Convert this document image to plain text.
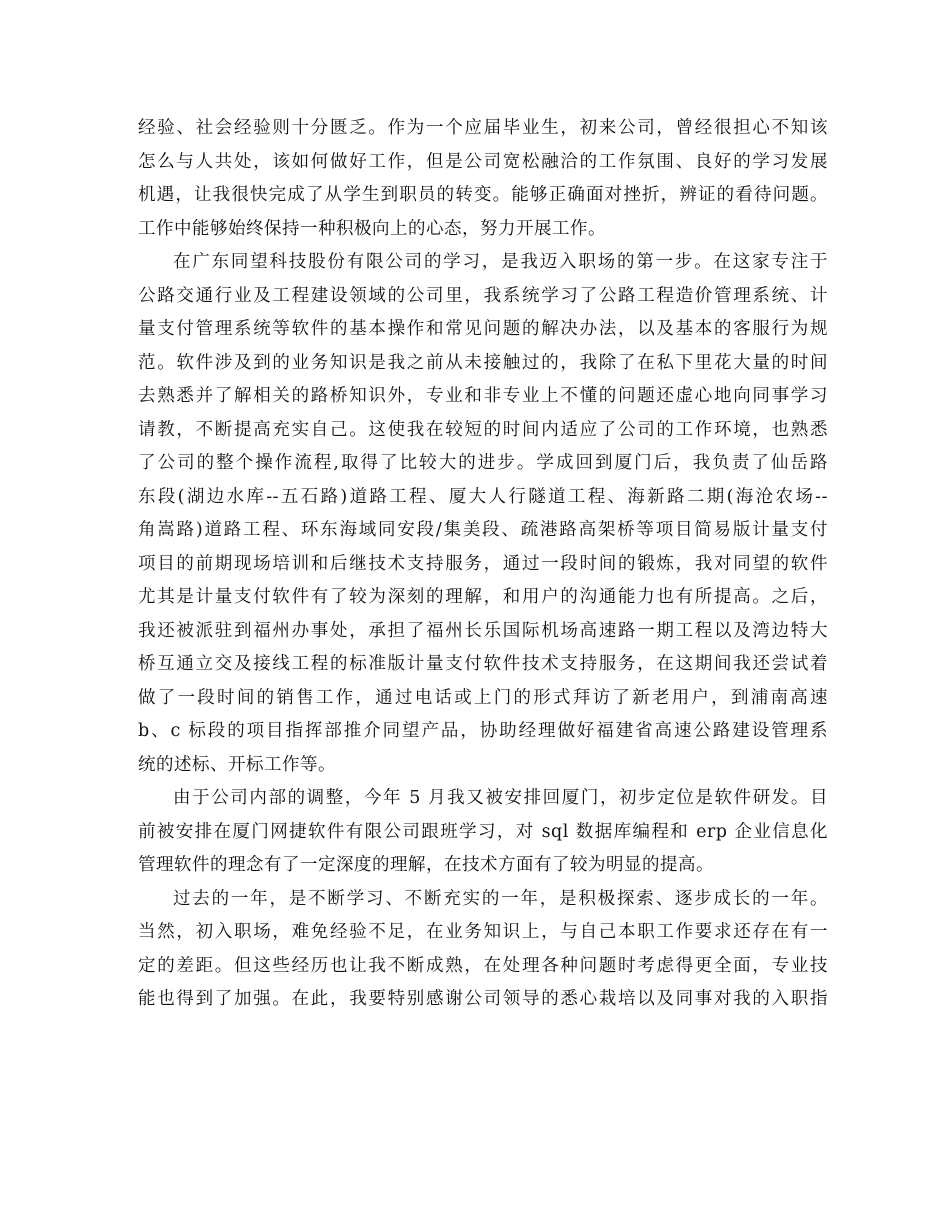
经验、社会经验则十分匮乏。作为一个应届毕业生，初来公司，曾经很担心不知该
怎么与人共处，该如何做好工作，但是公司宽松融洽的工作氛围、良好的学习发展
机遇，让我很快完成了从学生到职员的转变。能够正确面对挫折，辨证的看待问题。
工作中能够始终保持一种积极向上的心态，努力开展工作。
在广东同望科技股份有限公司的学习，是我迈入职场的第一步。在这家专注于
公路交通行业及工程建设领域的公司里，我系统学习了公路工程造价管理系统、计
量支付管理系统等软件的基本操作和常见问题的解决办法，以及基本的客服行为规
范。软件涉及到的业务知识是我之前从未接触过的，我除了在私下里花大量的时间
去熟悉并了解相关的路桥知识外，专业和非专业上不懂的问题还虚心地向同事学习
请教，不断提高充实自己。这使我在较短的时间内适应了公司的工作环境，也熟悉
了公司的整个操作流程,取得了比较大的进步。学成回到厦门后，我负责了仙岳路
东段(湖边水库--五石路)道路工程、厦大人行隧道工程、海新路二期(海沧农场--
角嵩路)道路工程、环东海域同安段/集美段、疏港路高架桥等项目简易版计量支付
项目的前期现场培训和后继技术支持服务，通过一段时间的锻炼，我对同望的软件
尤其是计量支付软件有了较为深刻的理解，和用户的沟通能力也有所提高。之后，
我还被派驻到福州办事处，承担了福州长乐国际机场高速路一期工程以及湾边特大
桥互通立交及接线工程的标准版计量支付软件技术支持服务，在这期间我还尝试着
做了一段时间的销售工作，通过电话或上门的形式拜访了新老用户，到浦南高速
b、c 标段的项目指挥部推介同望产品，协助经理做好福建省高速公路建设管理系
统的述标、开标工作等。
由于公司内部的调整，今年 5 月我又被安排回厦门，初步定位是软件研发。目
前被安排在厦门网捷软件有限公司跟班学习，对 sql 数据库编程和 erp 企业信息化
管理软件的理念有了一定深度的理解，在技术方面有了较为明显的提高。
过去的一年，是不断学习、不断充实的一年，是积极探索、逐步成长的一年。
当然，初入职场，难免经验不足，在业务知识上，与自己本职工作要求还存在有一
定的差距。但这些经历也让我不断成熟，在处理各种问题时考虑得更全面，专业技
能也得到了加强。在此，我要特别感谢公司领导的悉心栽培以及同事对我的入职指
